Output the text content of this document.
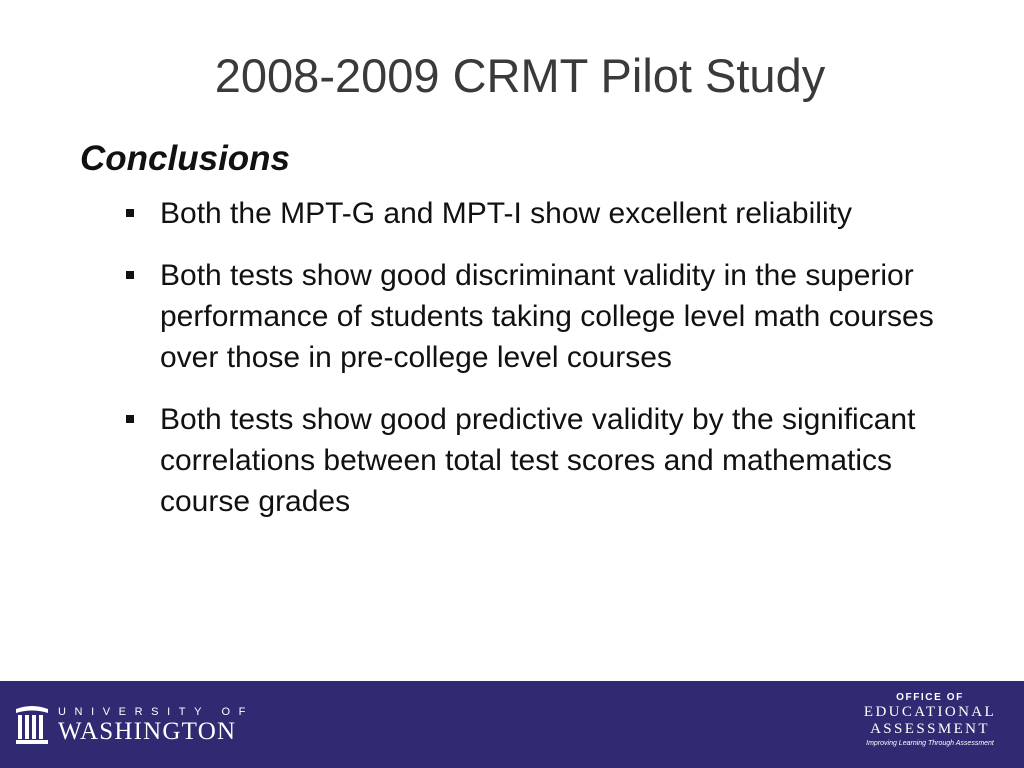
2008-2009 CRMT Pilot Study
Conclusions
Both the MPT-G and MPT-I show excellent reliability
Both tests show good discriminant validity in the superior performance of students taking college level math courses over those in pre-college level courses
Both tests show good predictive validity by the significant correlations between total test scores and mathematics course grades
UNIVERSITY OF
WASHINGTON
OFFICE OF
EDUCATIONAL
ASSESSMENT
Improving Learning Through Assessment
